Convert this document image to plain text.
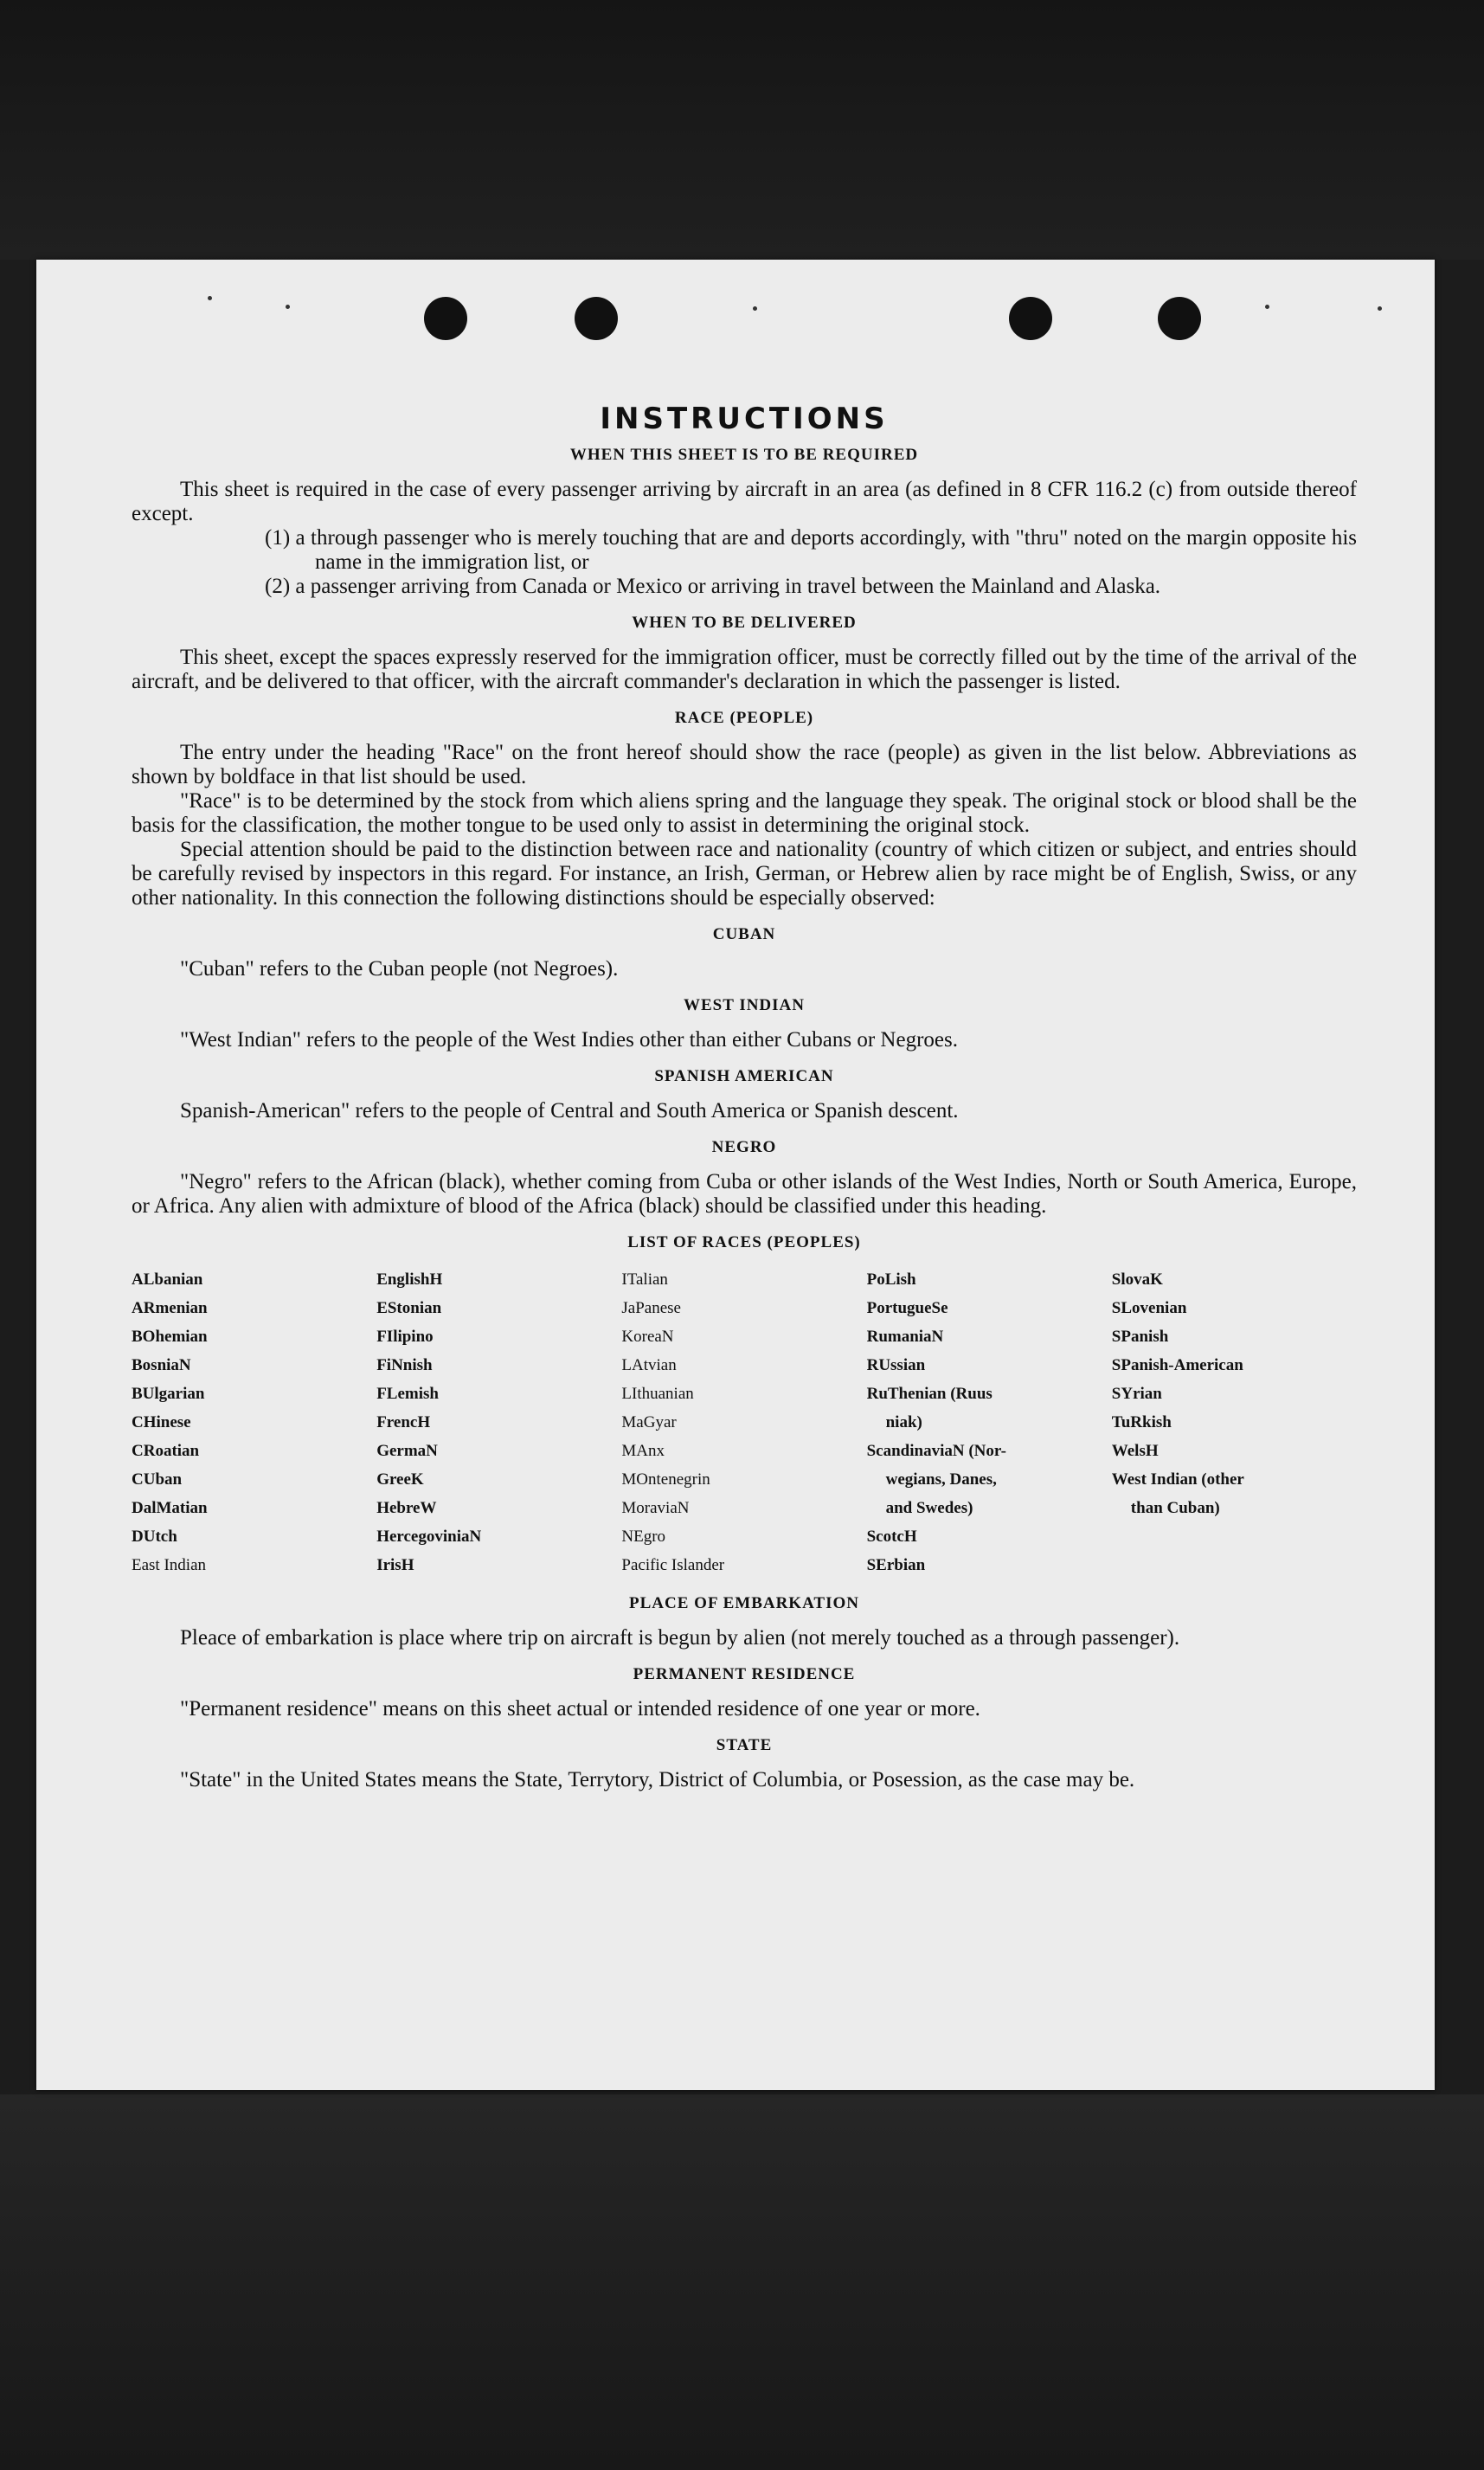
INSTRUCTIONS
WHEN THIS SHEET IS TO BE REQUIRED

This sheet is required in the case of every passenger arriving by aircraft in an area (as defined in 8 CFR 116.2 (c) from outside thereof except.

(1) a through passenger who is merely touching that are and deports accordingly, with "thru" noted on the margin opposite his name in the immigration list, or

(2) a passenger arriving from Canada or Mexico or arriving in travel between the Mainland and Alaska.

WHEN TO BE DELIVERED

This sheet, except the spaces expressly reserved for the immigration officer, must be correctly filled out by the time of the arrival of the aircraft, and be delivered to that officer, with the aircraft commander's declaration in which the passenger is listed.

RACE (PEOPLE)

The entry under the heading "Race" on the front hereof should show the race (people) as given in the list below. Abbreviations as shown by boldface in that list should be used.

"Race" is to be determined by the stock from which aliens spring and the language they speak. The original stock or blood shall be the basis for the classification, the mother tongue to be used only to assist in determining the original stock.

Special attention should be paid to the distinction between race and nationality (country of which citizen or subject, and entries should be carefully revised by inspectors in this regard. For instance, an Irish, German, or Hebrew alien by race might be of English, Swiss, or any other nationality. In this connection the following distinctions should be especially observed:

CUBAN

"Cuban" refers to the Cuban people (not Negroes).

WEST INDIAN

"West Indian" refers to the people of the West Indies other than either Cubans or Negroes.

SPANISH AMERICAN

Spanish-American" refers to the people of Central and South America or Spanish descent.

NEGRO

"Negro" refers to the African (black), whether coming from Cuba or other islands of the West Indies, North or South America, Europe, or Africa. Any alien with admixture of blood of the Africa (black) should be classified under this heading.

LIST OF RACES (PEOPLES)
ALbanian
ARmenian
BOhemian
BosniaN
BUlgarian
CHinese
CRoatian
CUban
DalMatian
DUtch
East Indian
EnglishH
EStonian
FIlipino
FiNnish
FLemish
FrencH
GermaN
GreeK
HebreW
HercegovinіaN
IrisH
ITalian
JaPanese
KoreaN
LAtvian
LIthuanian
MaGyar
MAnx
MOntenegrin
MoraviaN
NEgro
Pacific Islander
PoLish
PortugueSe
RumaniaN
RUssian
RuThenian (Ruus
niak)
ScandinaviaN (Nor-
wegians, Danes,
and Swedes)
ScotcH
SErbian
SlovaK
SLovenian
SPanish
SPanish-American
SYrian
TuRkish
WelsH
West Indian (other
than Cuban)
PLACE OF EMBARKATION

Pleace of embarkation is place where trip on aircraft is begun by alien (not merely touched as a through passenger).

PERMANENT RESIDENCE

"Permanent residence" means on this sheet actual or intended residence of one year or more.

STATE

"State" in the United States means the State, Terrytory, District of Columbia, or Posession, as the case may be.
